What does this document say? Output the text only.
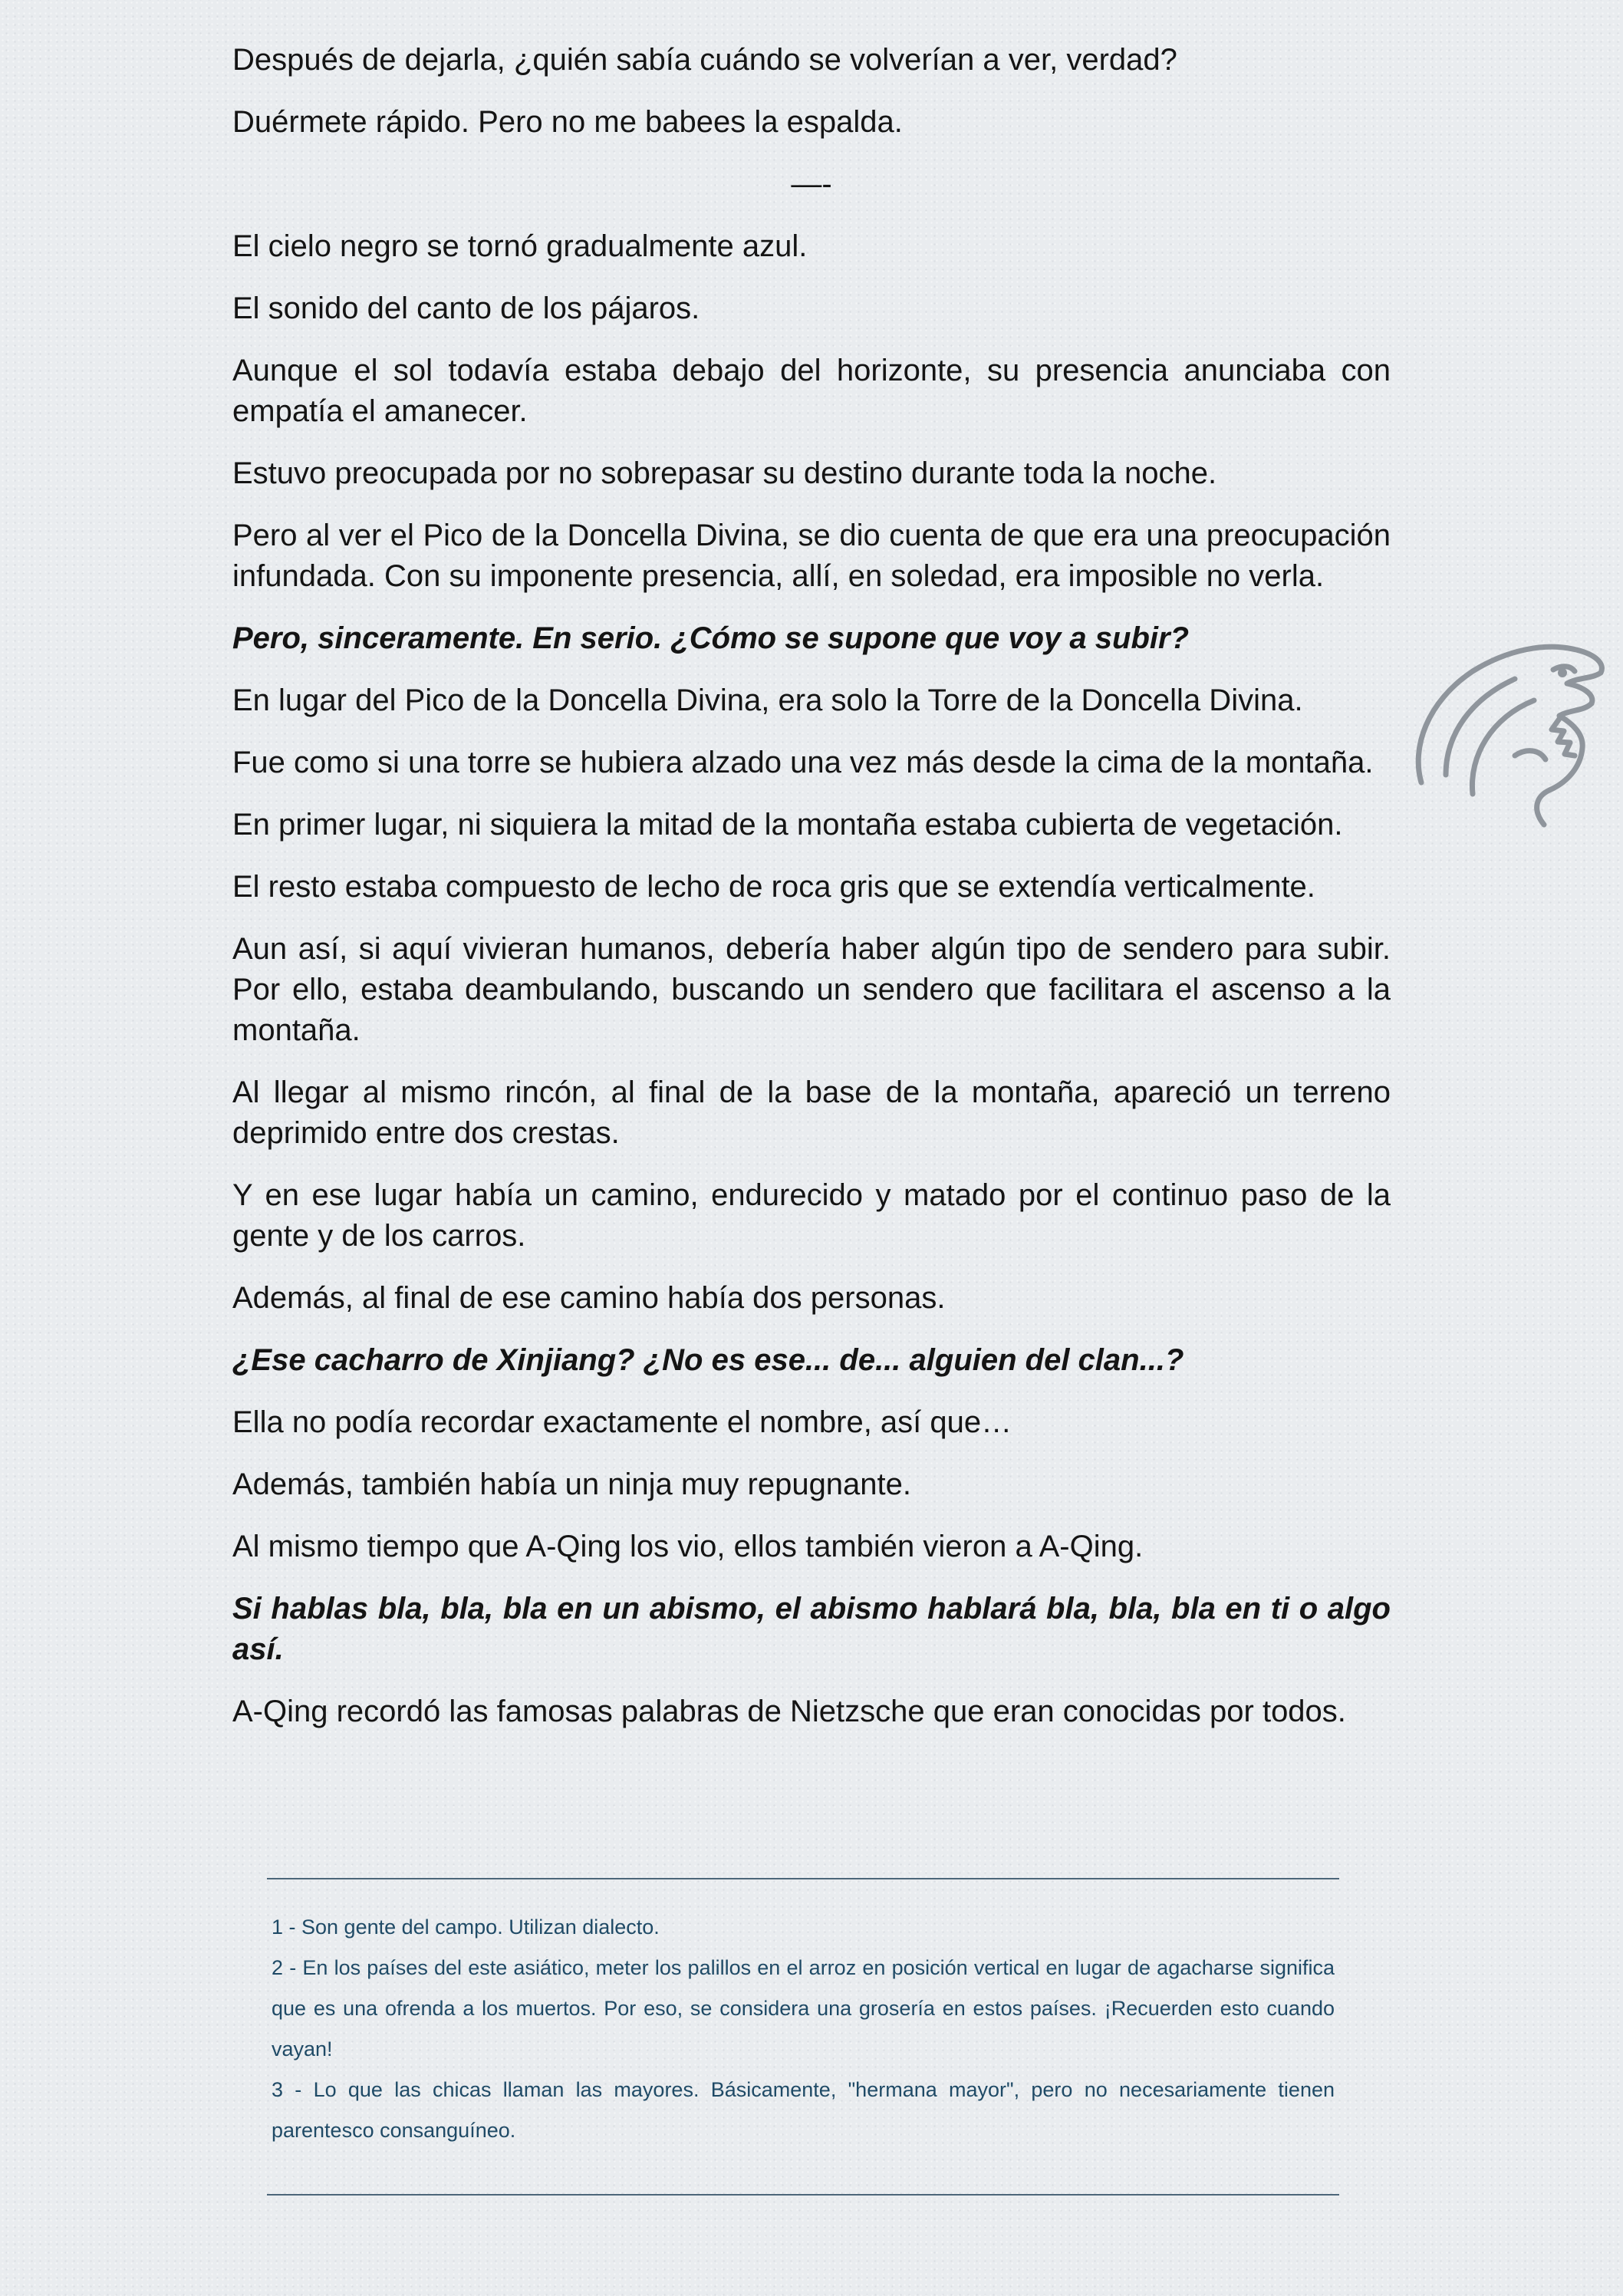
Después de dejarla, ¿quién sabía cuándo se volverían a ver, verdad?

Duérmete rápido. Pero no me babees la espalda.

—-

El cielo negro se tornó gradualmente azul.

El sonido del canto de los pájaros.

Aunque el sol todavía estaba debajo del horizonte, su presencia anunciaba con empatía el amanecer.

Estuvo preocupada por no sobrepasar su destino durante toda la noche.

Pero al ver el Pico de la Doncella Divina, se dio cuenta de que era una preocupación infundada. Con su imponente presencia, allí, en soledad, era imposible no verla.

Pero, sinceramente. En serio. ¿Cómo se supone que voy a subir?

En lugar del Pico de la Doncella Divina, era solo la Torre de la Doncella Divina.

Fue como si una torre se hubiera alzado una vez más desde la cima de la montaña.

En primer lugar, ni siquiera la mitad de la montaña estaba cubierta de vegetación.

El resto estaba compuesto de lecho de roca gris que se extendía verticalmente.

Aun así, si aquí vivieran humanos, debería haber algún tipo de sendero para subir. Por ello, estaba deambulando, buscando un sendero que facilitara el ascenso a la montaña.

Al llegar al mismo rincón, al final de la base de la montaña, apareció un terreno deprimido entre dos crestas.

Y en ese lugar había un camino, endurecido y matado por el continuo paso de la gente y de los carros.

Además, al final de ese camino había dos personas.

¿Ese cacharro de Xinjiang? ¿No es ese... de... alguien del clan...?

Ella no podía recordar exactamente el nombre, así que…

Además, también había un ninja muy repugnante.

Al mismo tiempo que A-Qing los vio, ellos también vieron a A-Qing.

Si hablas bla, bla, bla en un abismo, el abismo hablará bla, bla, bla en ti o algo así.

A-Qing recordó las famosas palabras de Nietzsche que eran conocidas por todos.

1 - Son gente del campo. Utilizan dialecto.

2 - En los países del este asiático, meter los palillos en el arroz en posición vertical en lugar de agacharse significa que es una ofrenda a los muertos. Por eso, se considera una grosería en estos países. ¡Recuerden esto cuando vayan!

3 - Lo que las chicas llaman las mayores. Básicamente, "hermana mayor", pero no necesariamente tienen parentesco consanguíneo.
